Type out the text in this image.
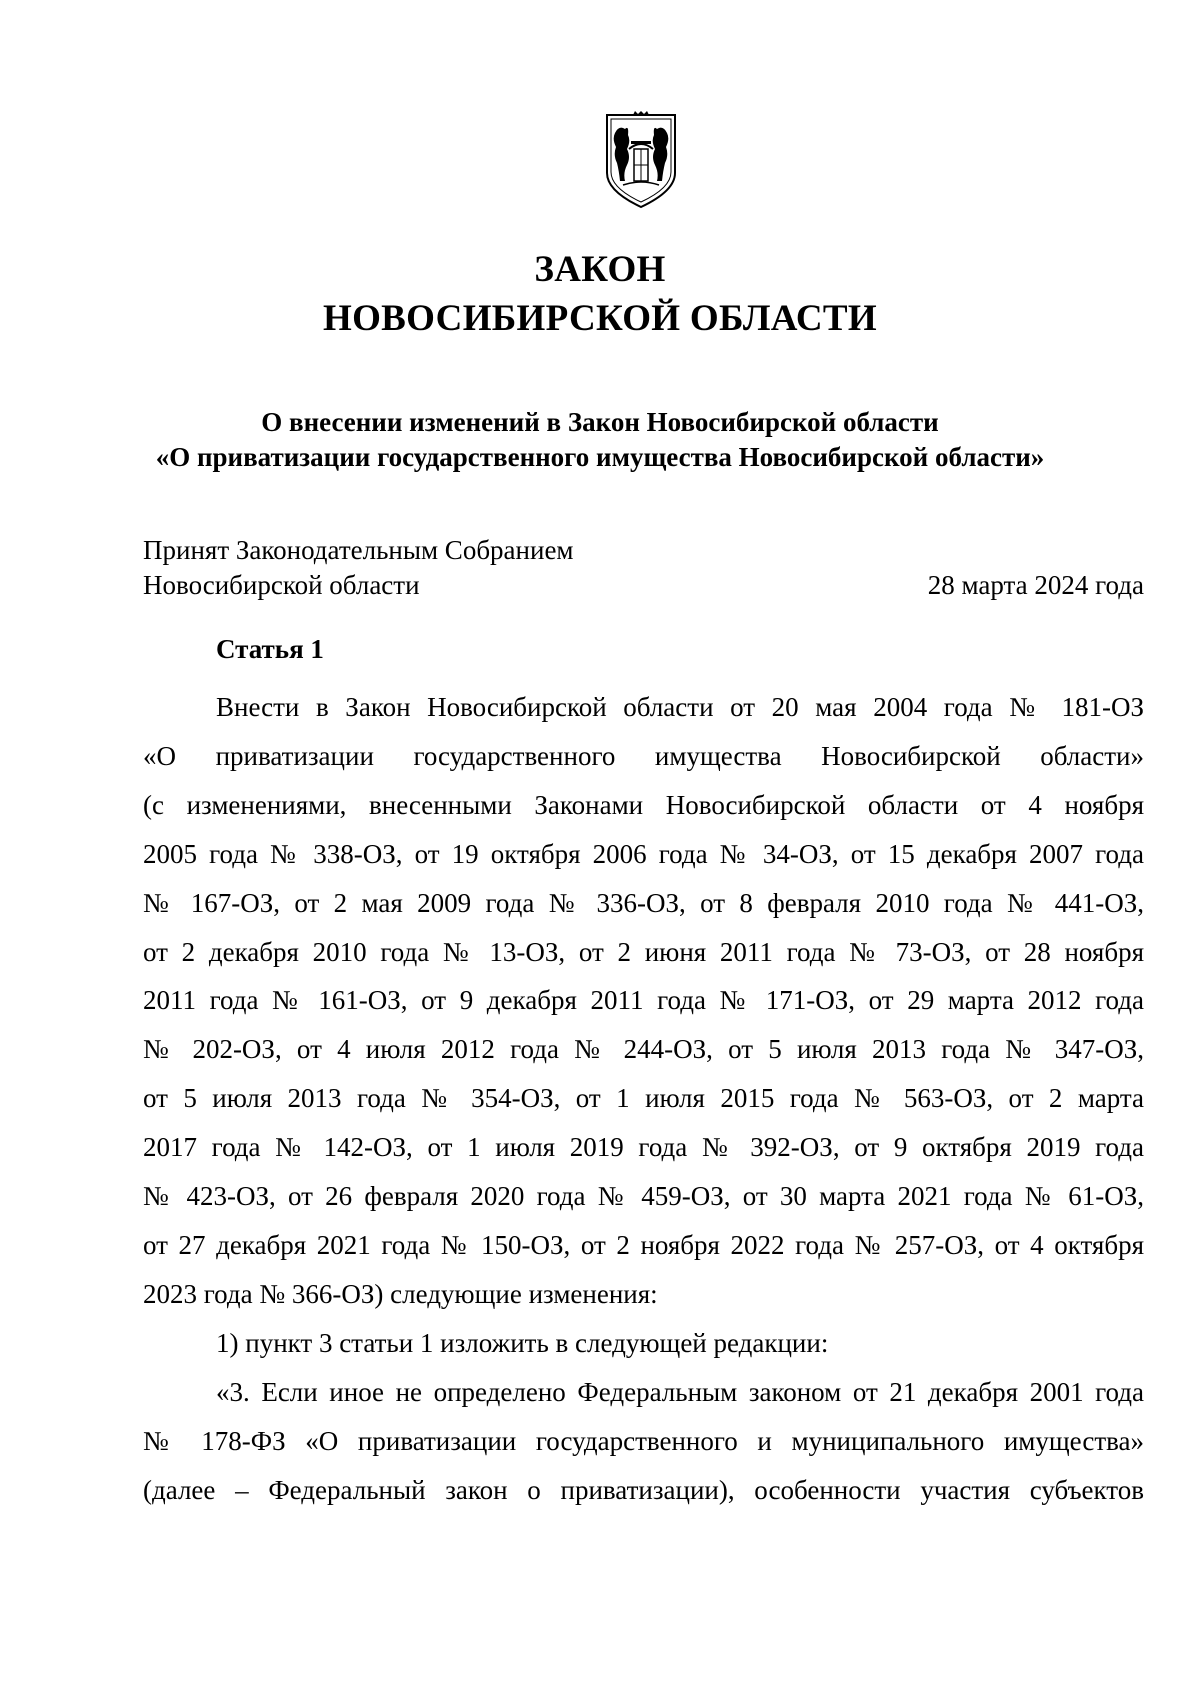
ЗАКОН
НОВОСИБИРСКОЙ ОБЛАСТИ
О внесении изменений в Закон Новосибирской области
«О приватизации государственного имущества Новосибирской области»
Принят Законодательным Собранием
Новосибирской области	28 марта 2024 года
Статья 1
Внести в Закон Новосибирской области от 20 мая 2004 года № 181-ОЗ
«О приватизации государственного имущества Новосибирской области»
(с изменениями, внесенными Законами Новосибирской области от 4 ноября
2005 года № 338-ОЗ, от 19 октября 2006 года № 34-ОЗ, от 15 декабря 2007 года
№ 167-ОЗ, от 2 мая 2009 года № 336-ОЗ, от 8 февраля 2010 года № 441-ОЗ,
от 2 декабря 2010 года № 13-ОЗ, от 2 июня 2011 года № 73-ОЗ, от 28 ноября
2011 года № 161-ОЗ, от 9 декабря 2011 года № 171-ОЗ, от 29 марта 2012 года
№ 202-ОЗ, от 4 июля 2012 года № 244-ОЗ, от 5 июля 2013 года № 347-ОЗ,
от 5 июля 2013 года № 354-ОЗ, от 1 июля 2015 года № 563-ОЗ, от 2 марта
2017 года № 142-ОЗ, от 1 июля 2019 года № 392-ОЗ, от 9 октября 2019 года
№ 423-ОЗ, от 26 февраля 2020 года № 459-ОЗ, от 30 марта 2021 года № 61-ОЗ,
от 27 декабря 2021 года № 150-ОЗ, от 2 ноября 2022 года № 257-ОЗ, от 4 октября
2023 года № 366-ОЗ) следующие изменения:
1) пункт 3 статьи 1 изложить в следующей редакции:
«3. Если иное не определено Федеральным законом от 21 декабря 2001 года
№ 178-ФЗ «О приватизации государственного и муниципального имущества»
(далее – Федеральный закон о приватизации), особенности участия субъектов
